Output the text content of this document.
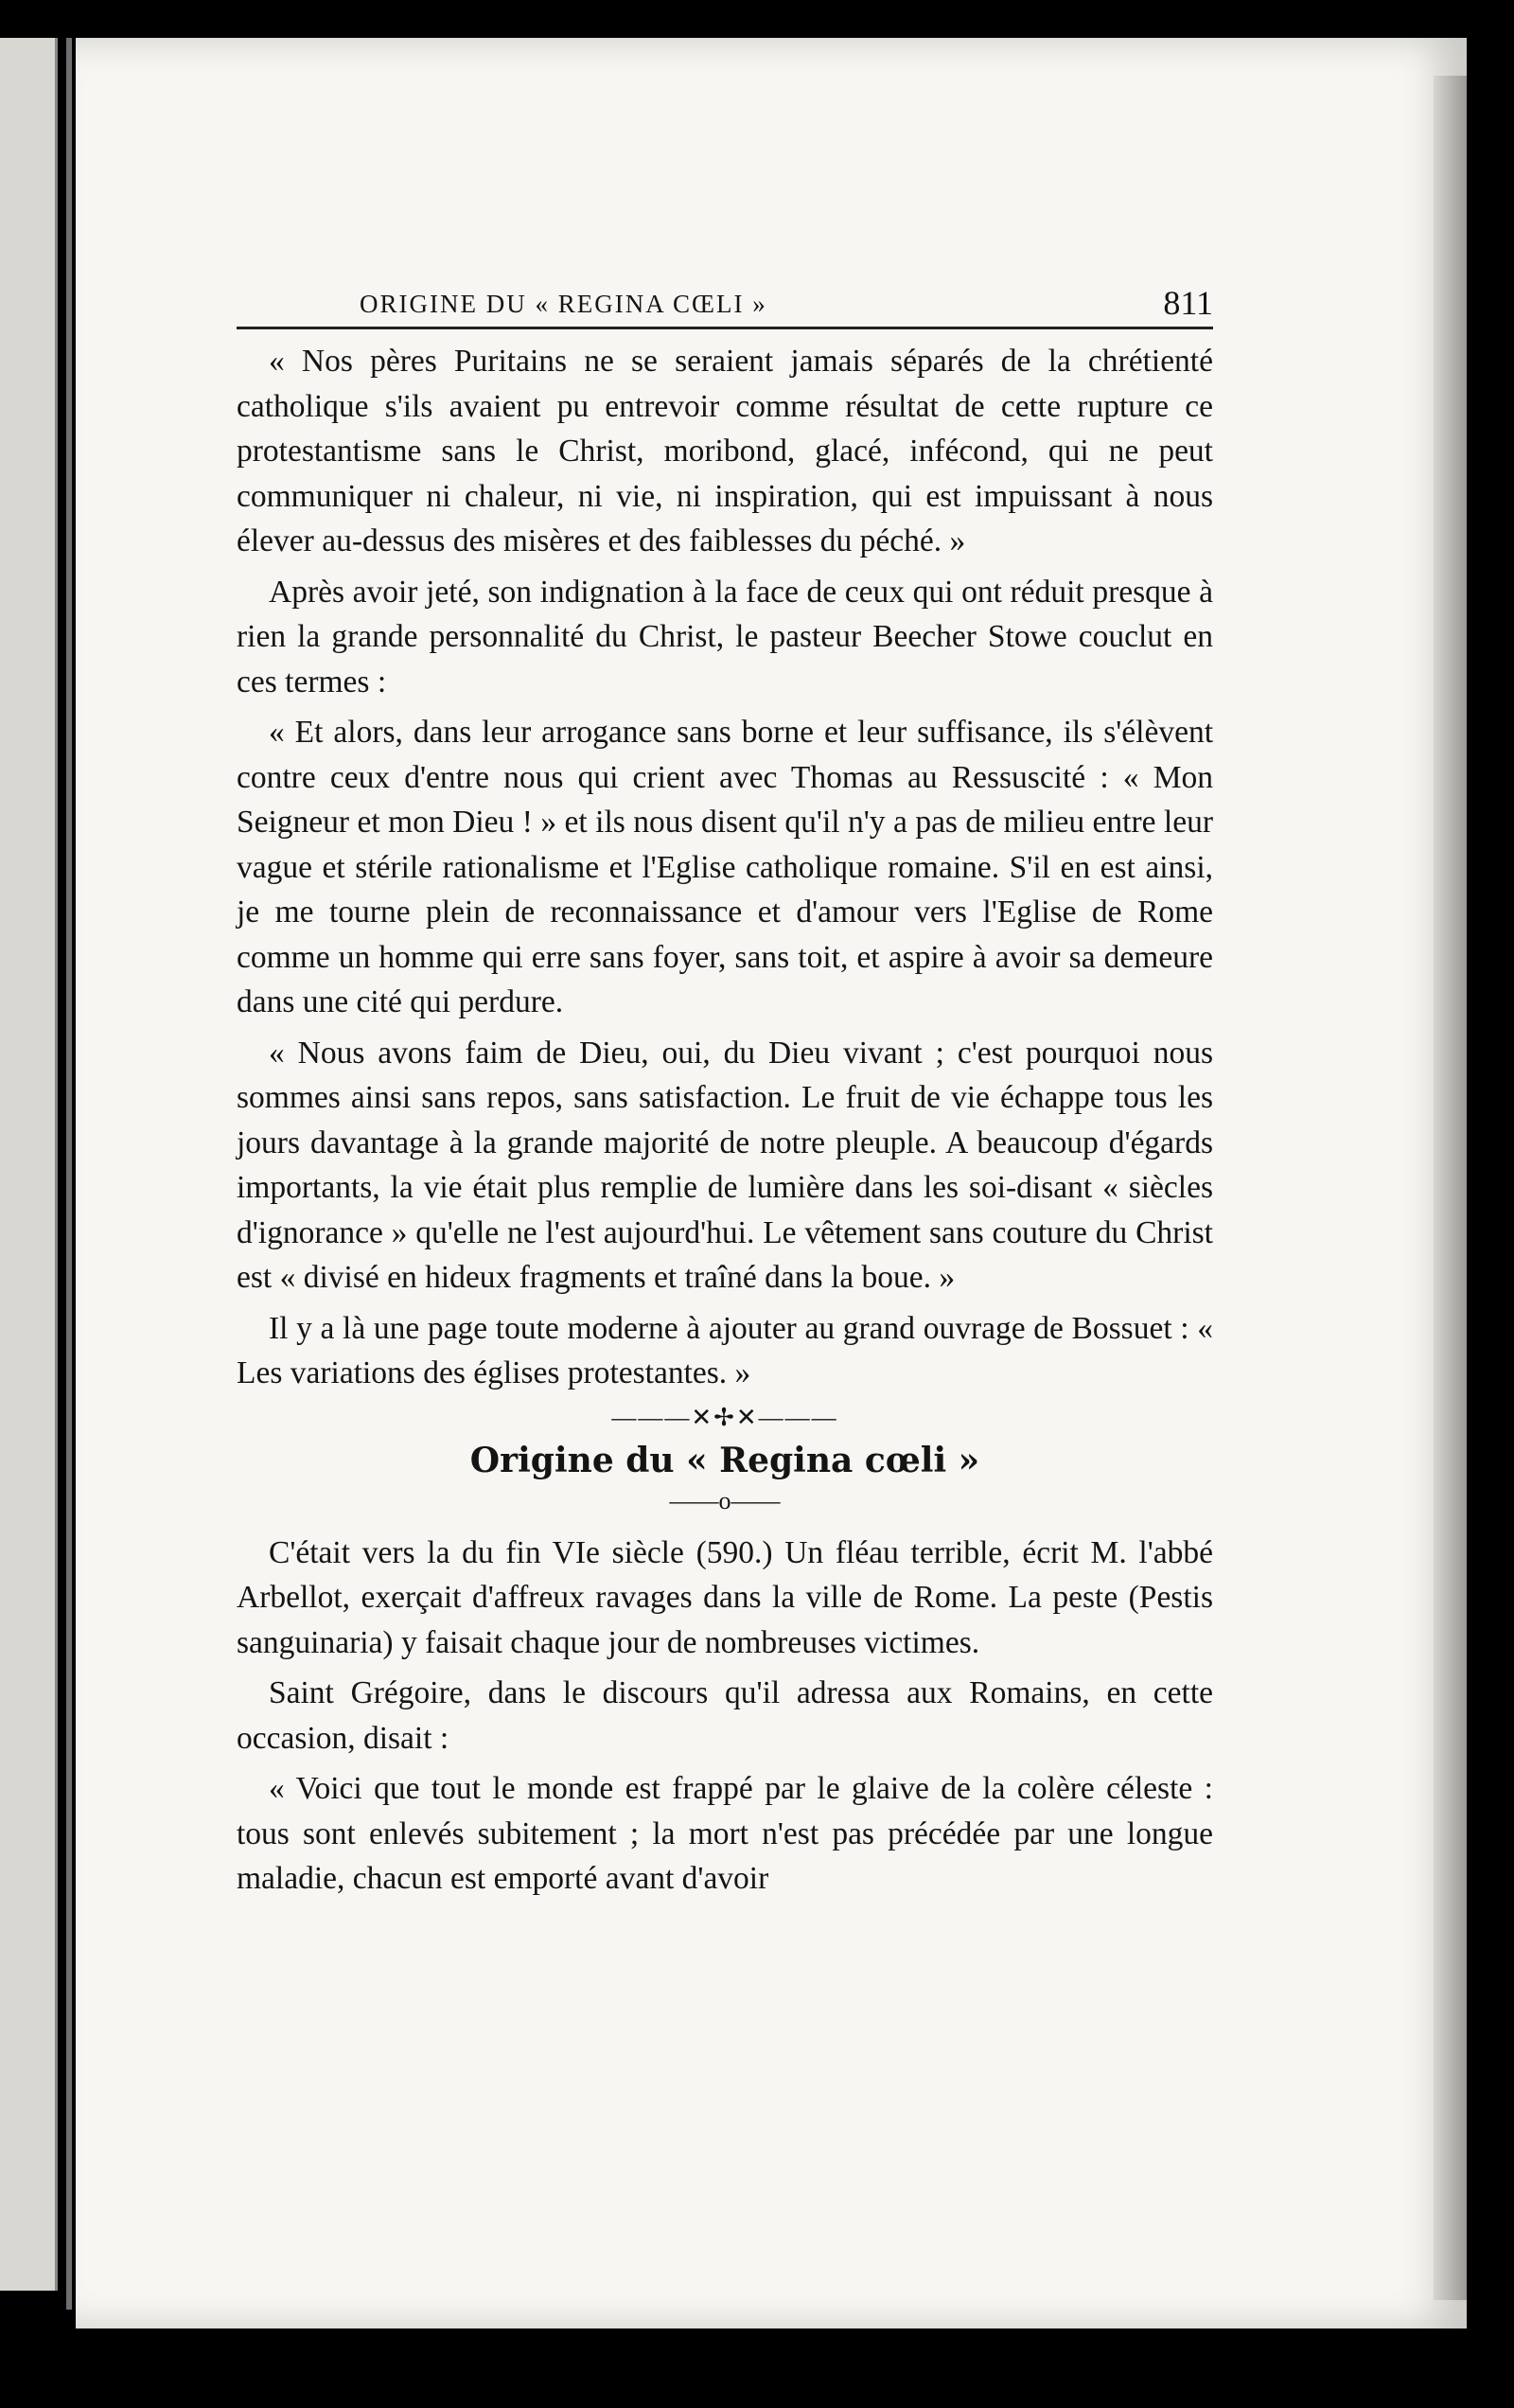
ORIGINE DU « REGINA CŒLI »	811

« Nos pères Puritains ne se seraient jamais séparés de la chrétienté catholique s'ils avaient pu entrevoir comme résultat de cette rupture ce protestantisme sans le Christ, moribond, glacé, infécond, qui ne peut communiquer ni chaleur, ni vie, ni inspiration, qui est impuissant à nous élever au-dessus des misères et des faiblesses du péché. »

Après avoir jeté, son indignation à la face de ceux qui ont réduit presque à rien la grande personnalité du Christ, le pasteur Beecher Stowe couclut en ces termes :

« Et alors, dans leur arrogance sans borne et leur suffisance, ils s'élèvent contre ceux d'entre nous qui crient avec Thomas au Ressuscité : « Mon Seigneur et mon Dieu ! » et ils nous disent qu'il n'y a pas de milieu entre leur vague et stérile rationalisme et l'Eglise catholique romaine. S'il en est ainsi, je me tourne plein de reconnaissance et d'amour vers l'Eglise de Rome comme un homme qui erre sans foyer, sans toit, et aspire à avoir sa demeure dans une cité qui perdure.

« Nous avons faim de Dieu, oui, du Dieu vivant ; c'est pourquoi nous sommes ainsi sans repos, sans satisfaction. Le fruit de vie échappe tous les jours davantage à la grande majorité de notre pleuple. A beaucoup d'égards importants, la vie était plus remplie de lumière dans les soi-disant « siècles d'ignorance » qu'elle ne l'est aujourd'hui. Le vêtement sans couture du Christ est « divisé en hideux fragments et traîné dans la boue. »

Il y a là une page toute moderne à ajouter au grand ouvrage de Bossuet : « Les variations des églises protestantes. »

———✕✢✕———
Origine du « Regina cœli »
——o——

C'était vers la du fin VIe siècle (590.) Un fléau terrible, écrit M. l'abbé Arbellot, exerçait d'affreux ravages dans la ville de Rome. La peste (Pestis sanguinaria) y faisait chaque jour de nombreuses victimes.

Saint Grégoire, dans le discours qu'il adressa aux Romains, en cette occasion, disait :

« Voici que tout le monde est frappé par le glaive de la colère céleste : tous sont enlevés subitement ; la mort n'est pas précédée par une longue maladie, chacun est emporté avant d'avoir
